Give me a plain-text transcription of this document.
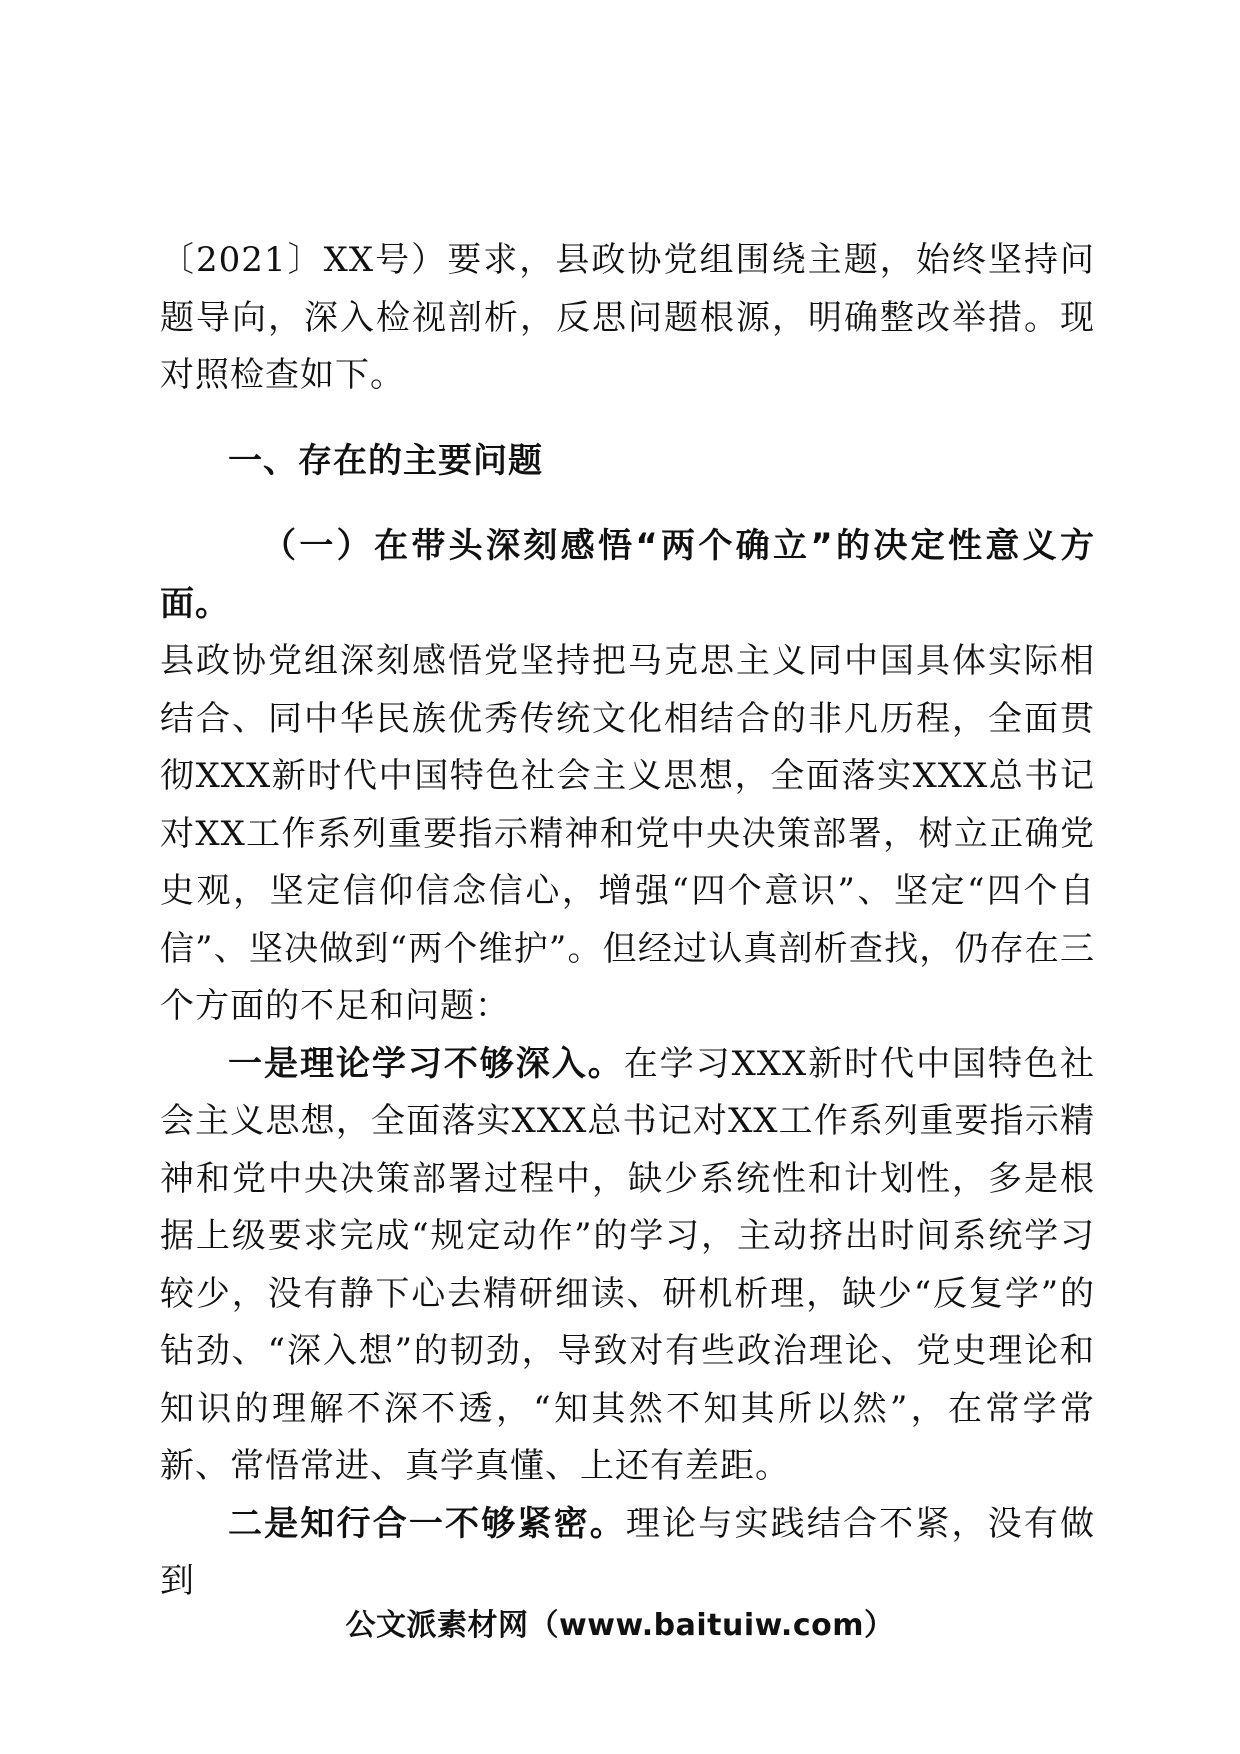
〔2021〕XX号）要求，县政协党组围绕主题，始终坚持问题导向，深入检视剖析，反思问题根源，明确整改举措。现对照检查如下。

一、存在的主要问题

（一）在带头深刻感悟“两个确立”的决定性意义方面。

县政协党组深刻感悟党坚持把马克思主义同中国具体实际相结合、同中华民族优秀传统文化相结合的非凡历程，全面贯彻XXX新时代中国特色社会主义思想，全面落实XXX总书记对XX工作系列重要指示精神和党中央决策部署，树立正确党史观，坚定信仰信念信心，增强“四个意识”、坚定“四个自信”、坚决做到“两个维护”。但经过认真剖析查找，仍存在三个方面的不足和问题：

一是理论学习不够深入。在学习XXX新时代中国特色社会主义思想，全面落实XXX总书记对XX工作系列重要指示精神和党中央决策部署过程中，缺少系统性和计划性，多是根据上级要求完成“规定动作”的学习，主动挤出时间系统学习较少，没有静下心去精研细读、研机析理，缺少“反复学”的钻劲、“深入想”的韧劲，导致对有些政治理论、党史理论和知识的理解不深不透，“知其然不知其所以然”，在常学常新、常悟常进、真学真懂、上还有差距。

二是知行合一不够紧密。理论与实践结合不紧，没有做到

公文派素材网（www.baituiw.com）
